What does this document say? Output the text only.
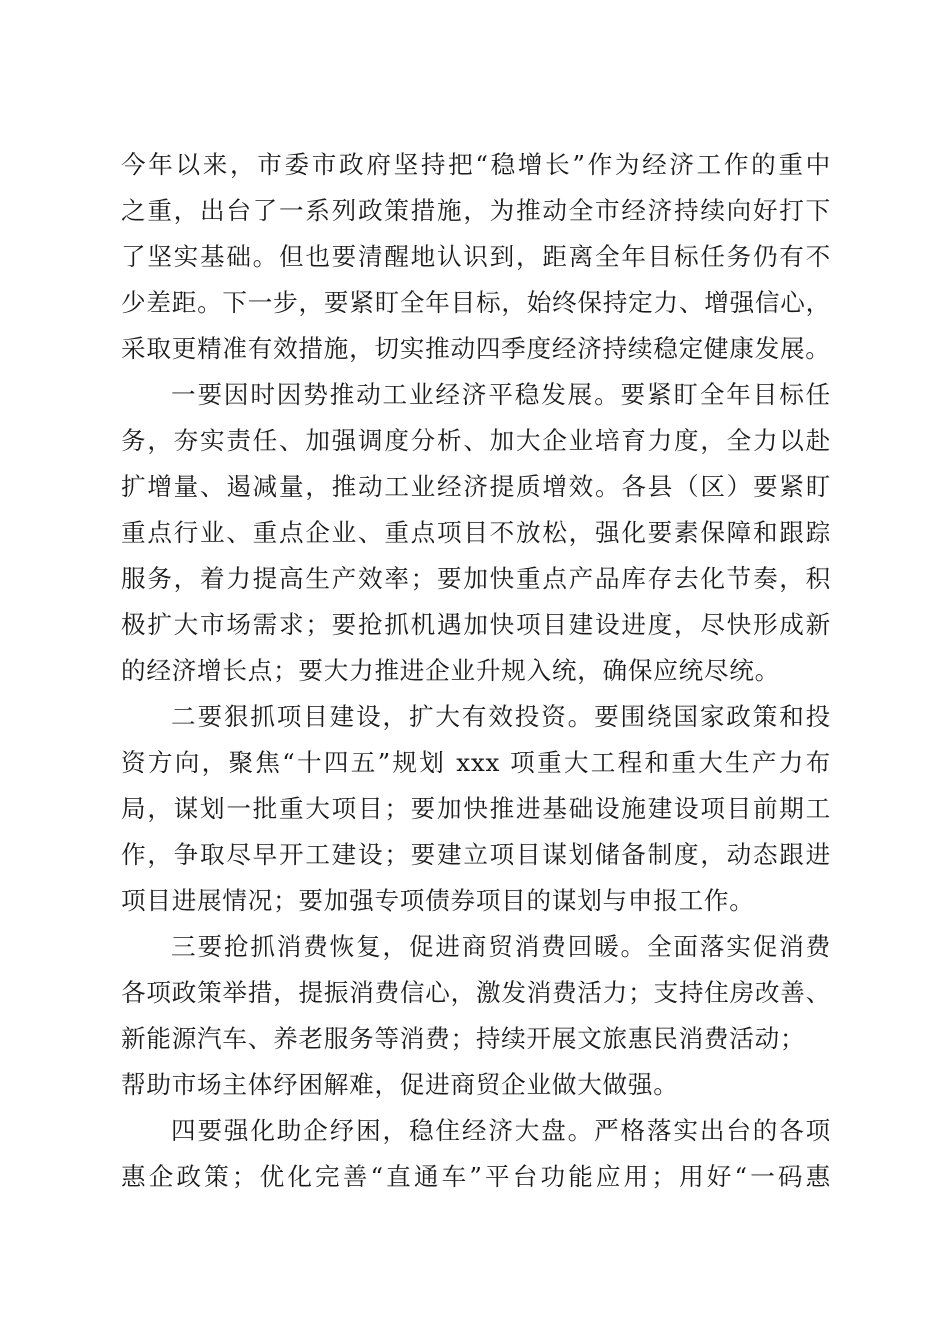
今年以来，市委市政府坚持把“稳增长”作为经济工作的重中
之重，出台了一系列政策措施，为推动全市经济持续向好打下
了坚实基础。但也要清醒地认识到，距离全年目标任务仍有不
少差距。下一步，要紧盯全年目标，始终保持定力、增强信心，
采取更精准有效措施，切实推动四季度经济持续稳定健康发展。
一要因时因势推动工业经济平稳发展。要紧盯全年目标任
务，夯实责任、加强调度分析、加大企业培育力度，全力以赴
扩增量、遏减量，推动工业经济提质增效。各县（区）要紧盯
重点行业、重点企业、重点项目不放松，强化要素保障和跟踪
服务，着力提高生产效率；要加快重点产品库存去化节奏，积
极扩大市场需求；要抢抓机遇加快项目建设进度，尽快形成新
的经济增长点；要大力推进企业升规入统，确保应统尽统。
二要狠抓项目建设，扩大有效投资。要围绕国家政策和投
资方向，聚焦“十四五”规划 xxx 项重大工程和重大生产力布
局，谋划一批重大项目；要加快推进基础设施建设项目前期工
作，争取尽早开工建设；要建立项目谋划储备制度，动态跟进
项目进展情况；要加强专项债券项目的谋划与申报工作。
三要抢抓消费恢复，促进商贸消费回暖。全面落实促消费
各项政策举措，提振消费信心，激发消费活力；支持住房改善、
新能源汽车、养老服务等消费；持续开展文旅惠民消费活动；
帮助市场主体纾困解难，促进商贸企业做大做强。
四要强化助企纾困，稳住经济大盘。严格落实出台的各项
惠企政策；优化完善“直通车”平台功能应用；用好“一码惠
